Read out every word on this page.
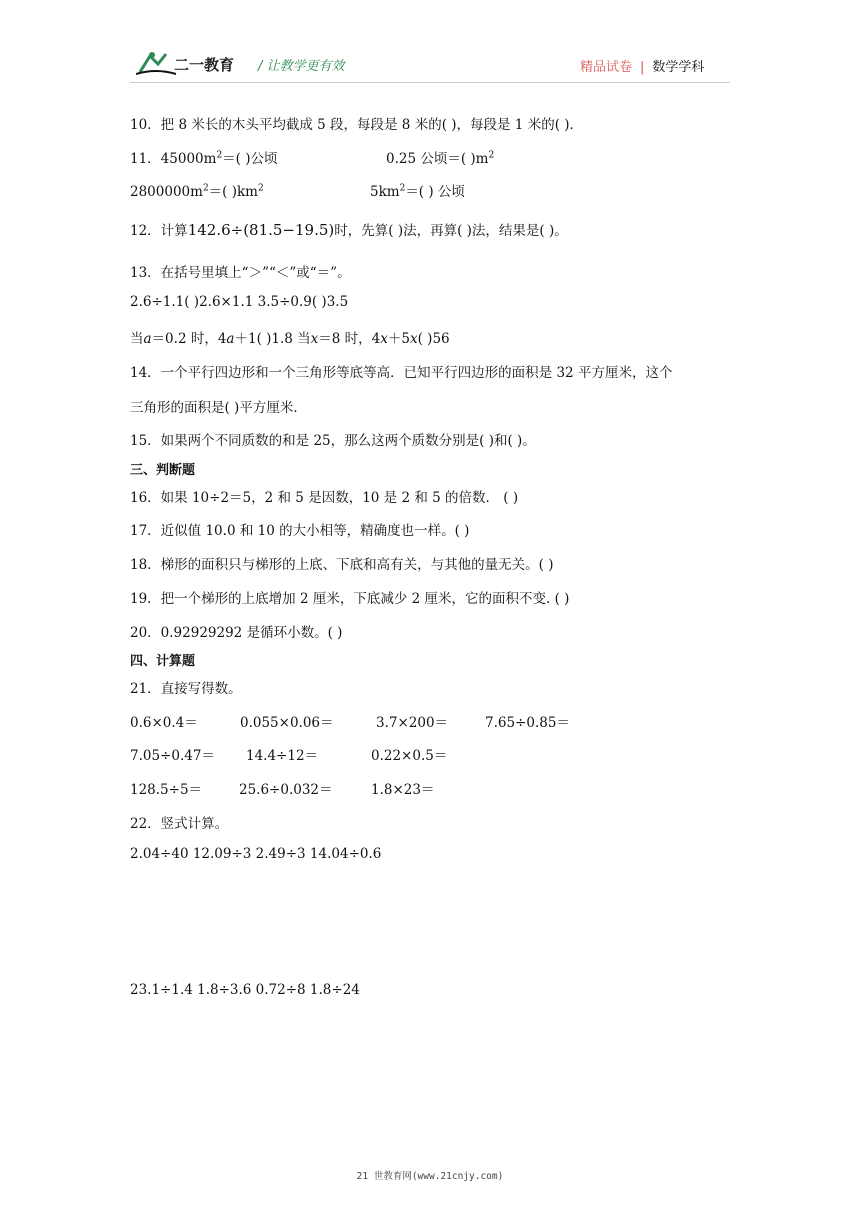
二一教育 / 让教学更有效	精品试卷 | 数学学科
10．把 8 米长的木头平均截成 5 段，每段是 8 米的( )，每段是 1 米的( )．
11．$45000m^2=$( )公顷	0.25 公顷＝( )$m^2$
$2800000m^2=$( )$km^2$	$5km^2=$( ) 公顷
12．计算142.6÷(81.5−19.5)时，先算( )法，再算( )法，结果是( )。
13．在括号里填上“＞”“＜”或“＝”。
2.6÷1.1( )2.6×1.1 3.5÷0.9( )3.5
当a＝0.2 时，4a＋1( )1.8 当x＝8 时，4x＋5x( )56
14．一个平行四边形和一个三角形等底等高．已知平行四边形的面积是 32 平方厘米，这个
三角形的面积是( )平方厘米．
15．如果两个不同质数的和是 25，那么这两个质数分别是( )和( )。
三、判断题
16．如果 10÷2＝5，2 和 5 是因数，10 是 2 和 5 的倍数． ( )
17．近似值 10.0 和 10 的大小相等，精确度也一样。( )
18．梯形的面积只与梯形的上底、下底和高有关，与其他的量无关。( )
19．把一个梯形的上底增加 2 厘米，下底减少 2 厘米，它的面积不变. ( )
20．0.92929292 是循环小数。( )
四、计算题
21．直接写得数。
0.6×0.4＝	0.055×0.06＝	3.7×200＝	7.65÷0.85＝
7.05÷0.47＝ 14.4÷12＝	0.22×0.5＝
128.5÷5＝	25.6÷0.032＝	1.8×23＝
22．竖式计算。
2.04÷40 12.09÷3 2.49÷3 14.04÷0.6
23.1÷1.4 1.8÷3.6 0.72÷8 1.8÷24
21 世教育网(www.21cnjy.com)
